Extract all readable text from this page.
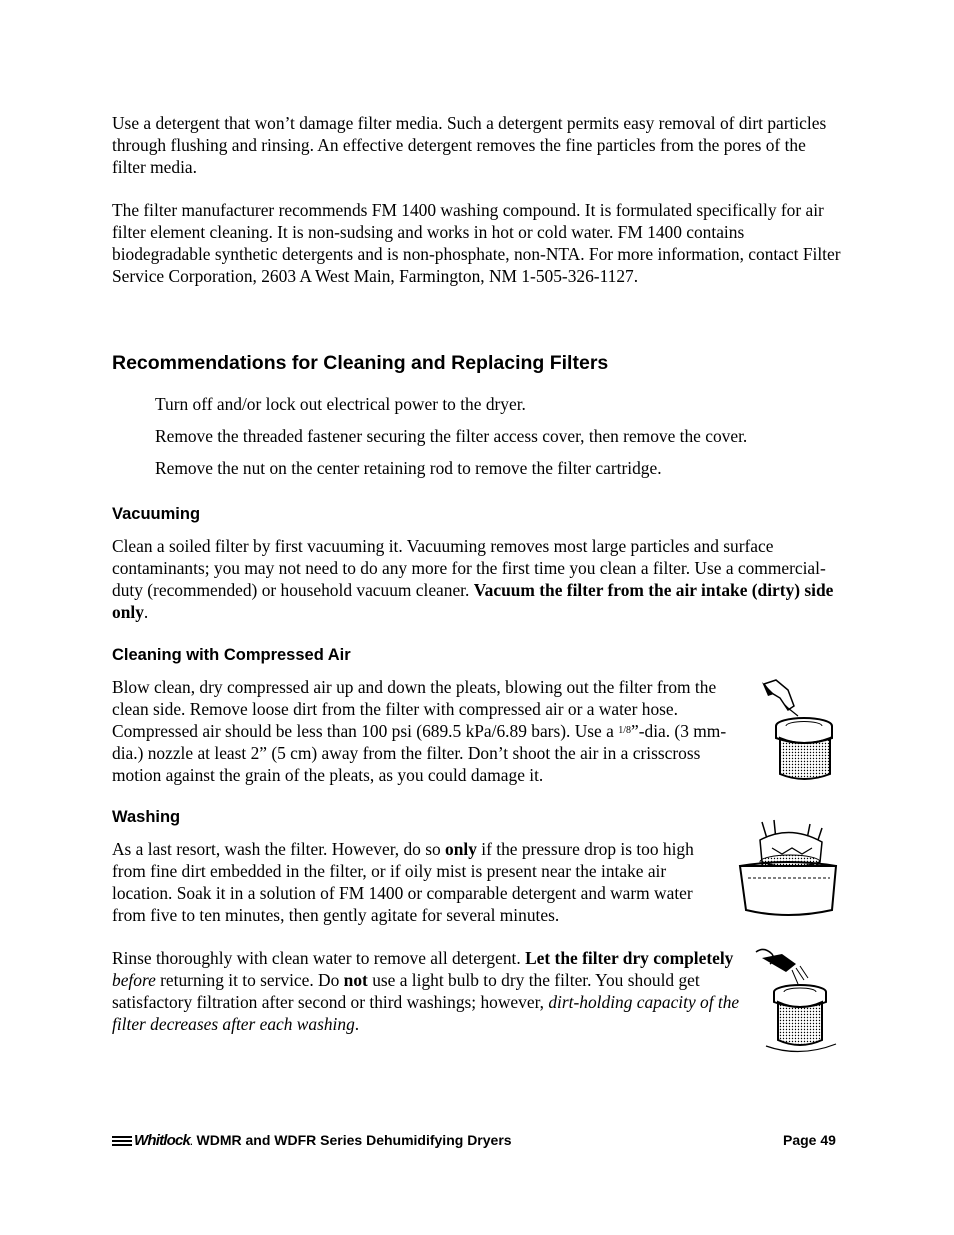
Use a detergent that won’t damage filter media. Such a detergent permits easy removal of dirt particles through flushing and rinsing. An effective detergent removes the fine particles from the pores of the filter media.

The filter manufacturer recommends FM 1400 washing compound. It is formulated specifically for air filter element cleaning. It is non-sudsing and works in hot or cold water. FM 1400 contains biodegradable synthetic detergents and is non-phosphate, non-NTA. For more information, contact Filter Service Corporation, 2603 A West Main, Farmington, NM 1-505-326-1127.

Recommendations for Cleaning and Replacing Filters

Turn off and/or lock out electrical power to the dryer.

Remove the threaded fastener securing the filter access cover, then remove the cover.

Remove the nut on the center retaining rod to remove the filter cartridge.

Vacuuming

Clean a soiled filter by first vacuuming it. Vacuuming removes most large particles and surface contaminants; you may not need to do any more for the first time you clean a filter. Use a commercial-duty (recommended) or household vacuum cleaner. Vacuum the filter from the air intake (dirty) side only.

Cleaning with Compressed Air

Blow clean, dry compressed air up and down the pleats, blowing out the filter from the clean side. Remove loose dirt from the filter with compressed air or a water hose. Compressed air should be less than 100 psi (689.5 kPa/6.89 bars). Use a $^{1/8}$”-dia. (3 mm-dia.) nozzle at least 2” (5 cm) away from the filter. Don’t shoot the air in a crisscross motion against the grain of the pleats, as you could damage it.

Washing

As a last resort, wash the filter. However, do so only if the pressure drop is too high from fine dirt embedded in the filter, or if oily mist is present near the intake air location. Soak it in a solution of FM 1400 or comparable detergent and warm water from five to ten minutes, then gently agitate for several minutes.

Rinse thoroughly with clean water to remove all detergent. Let the filter dry completely before returning it to service. Do not use a light bulb to dry the filter. You should get satisfactory filtration after second or third washings; however, dirt-holding capacity of the filter decreases after each washing.

Whitlock. WDMR and WDFR Series Dehumidifying Dryers	Page 49
